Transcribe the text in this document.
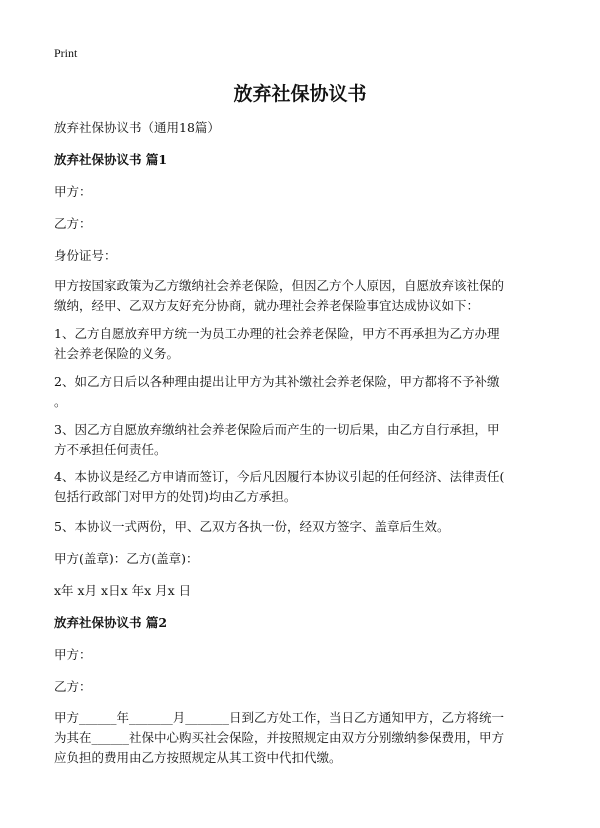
Print
放弃社保协议书
放弃社保协议书（通用18篇）
放弃社保协议书 篇1
甲方：
乙方：
身份证号：
甲方按国家政策为乙方缴纳社会养老保险，但因乙方个人原因，自愿放弃该社保的
缴纳，经甲、乙双方友好充分协商，就办理社会养老保险事宜达成协议如下：
1、乙方自愿放弃甲方统一为员工办理的社会养老保险，甲方不再承担为乙方办理
社会养老保险的义务。
2、如乙方日后以各种理由提出让甲方为其补缴社会养老保险，甲方都将不予补缴
。
3、因乙方自愿放弃缴纳社会养老保险后而产生的一切后果，由乙方自行承担，甲
方不承担任何责任。
4、本协议是经乙方申请而签订，今后凡因履行本协议引起的任何经济、法律责任(
包括行政部门对甲方的处罚)均由乙方承担。
5、本协议一式两份，甲、乙双方各执一份，经双方签字、盖章后生效。
甲方(盖章)：乙方(盖章)：
x年 x月 x日x 年x 月x 日
放弃社保协议书 篇2
甲方：
乙方：
甲方______年_______月_______日到乙方处工作，当日乙方通知甲方，乙方将统一
为其在______社保中心购买社会保险，并按照规定由双方分别缴纳参保费用，甲方
应负担的费用由乙方按照规定从其工资中代扣代缴。
